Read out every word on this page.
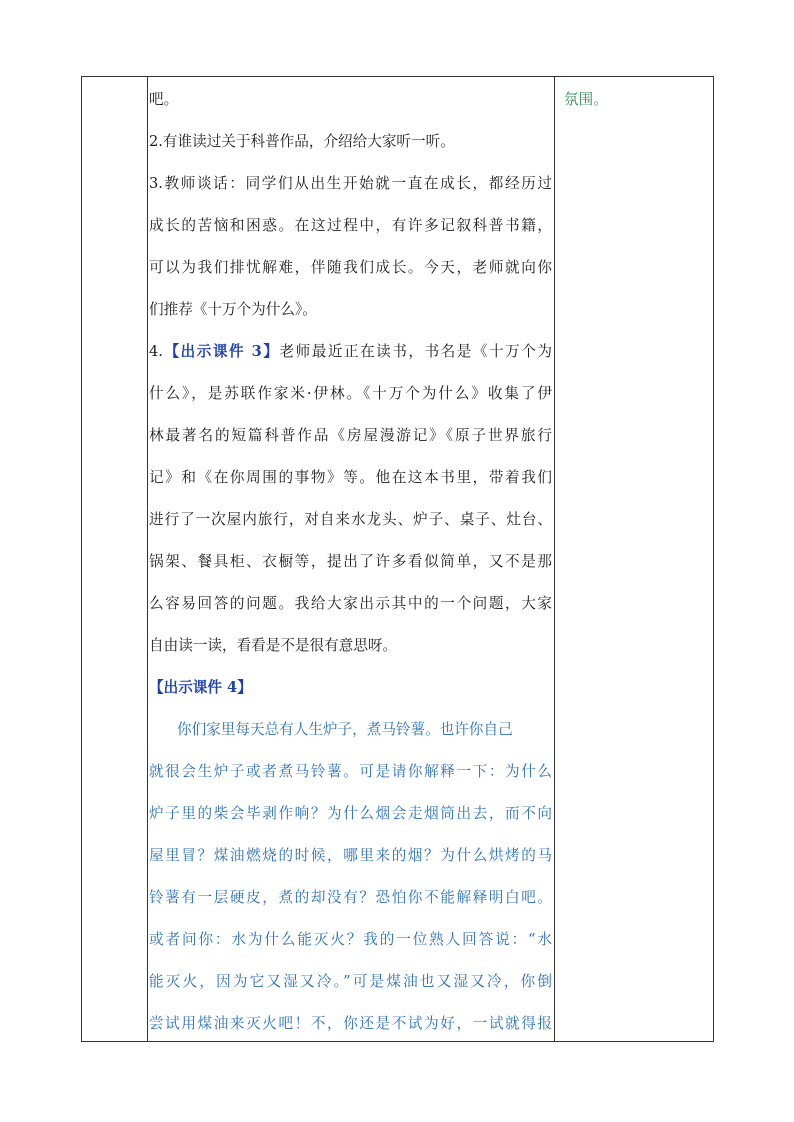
吧。
2.有谁读过关于科普作品，介绍给大家听一听。
3.教师谈话：同学们从出生开始就一直在成长，都经历过
成长的苦恼和困惑。在这过程中，有许多记叙科普书籍，
可以为我们排忧解难，伴随我们成长。今天，老师就向你
们推荐《十万个为什么》。
4.【出示课件 3】老师最近正在读书，书名是《十万个为
什么》，是苏联作家米·伊林。《十万个为什么》收集了伊
林最著名的短篇科普作品《房屋漫游记》《原子世界旅行
记》和《在你周围的事物》等。他在这本书里，带着我们
进行了一次屋内旅行，对自来水龙头、炉子、桌子、灶台、
锅架、餐具柜、衣橱等，提出了许多看似简单，又不是那
么容易回答的问题。我给大家出示其中的一个问题，大家
自由读一读，看看是不是很有意思呀。
【出示课件 4】
你们家里每天总有人生炉子，煮马铃薯。也许你自己
就很会生炉子或者煮马铃薯。可是请你解释一下：为什么
炉子里的柴会毕剥作响？为什么烟会走烟筒出去，而不向
屋里冒？煤油燃烧的时候，哪里来的烟？为什么烘烤的马
铃薯有一层硬皮，煮的却没有？恐怕你不能解释明白吧。
或者问你：水为什么能灭火？我的一位熟人回答说：“水
能灭火，因为它又湿又冷。”可是煤油也又湿又冷，你倒
尝试用煤油来灭火吧！不，你还是不试为好，一试就得报
氛围。
